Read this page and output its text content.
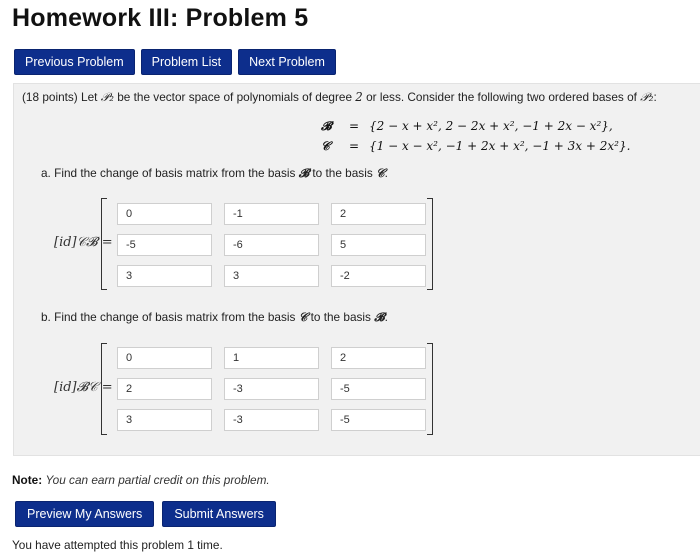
Homework III: Problem 5
Previous Problem	Problem List	Next Problem
(18 points) Let 𝒫₂ be the vector space of polynomials of degree 2 or less. Consider the following two ordered bases of 𝒫₂:
𝓑	= {2 − x + x², 2 − 2x + x², −1 + 2x − x²},
𝒞	= {1 − x − x², −1 + 2x + x², −1 + 3x + 2x²}.
a. Find the change of basis matrix from the basis 𝓑 to the basis 𝒞.
[id]𝒞𝓑 =
0	-1	2
-5	-6	5
3	3	-2
b. Find the change of basis matrix from the basis 𝒞 to the basis 𝓑.
[id]𝓑𝒞 =
0	1	2
2	-3	-5
3	-3	-5
Note: You can earn partial credit on this problem.
Preview My Answers	Submit Answers
You have attempted this problem 1 time.
